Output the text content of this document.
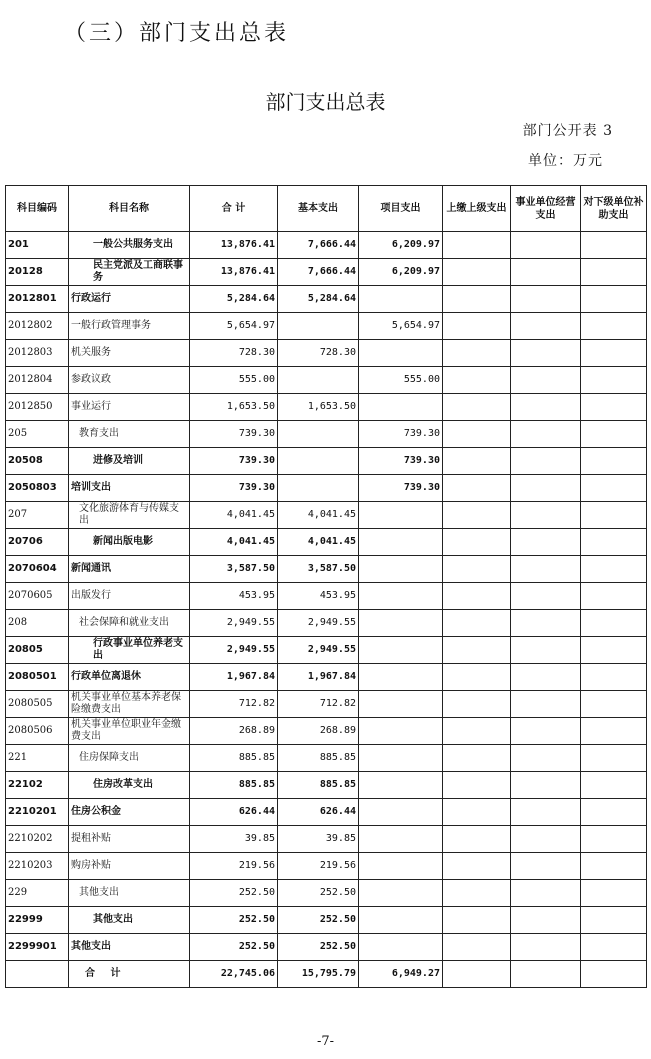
（三）部门支出总表
部门支出总表
部门公开表 3
单位：万元
科目编码	科目名称	合 计	基本支出	项目支出	上缴上级支出	事业单位经营支出	对下级单位补助支出
201	一般公共服务支出	13,876.41	7,666.44	6,209.97			
20128	民主党派及工商联事务	13,876.41	7,666.44	6,209.97			
2012801	行政运行	5,284.64	5,284.64				
2012802	一般行政管理事务	5,654.97		5,654.97			
2012803	机关服务	728.30	728.30				
2012804	参政议政	555.00		555.00			
2012850	事业运行	1,653.50	1,653.50				
205	教育支出	739.30		739.30			
20508	进修及培训	739.30		739.30			
2050803	培训支出	739.30		739.30			
207	文化旅游体育与传媒支出	4,041.45	4,041.45				
20706	新闻出版电影	4,041.45	4,041.45				
2070604	新闻通讯	3,587.50	3,587.50				
2070605	出版发行	453.95	453.95				
208	社会保障和就业支出	2,949.55	2,949.55				
20805	行政事业单位养老支出	2,949.55	2,949.55				
2080501	行政单位离退休	1,967.84	1,967.84				
2080505	机关事业单位基本养老保险缴费支出	712.82	712.82				
2080506	机关事业单位职业年金缴费支出	268.89	268.89				
221	住房保障支出	885.85	885.85				
22102	住房改革支出	885.85	885.85				
2210201	住房公积金	626.44	626.44				
2210202	提租补贴	39.85	39.85				
2210203	购房补贴	219.56	219.56				
229	其他支出	252.50	252.50				
22999	其他支出	252.50	252.50				
2299901	其他支出	252.50	252.50				
	合 计	22,745.06	15,795.79	6,949.27			
-7-
